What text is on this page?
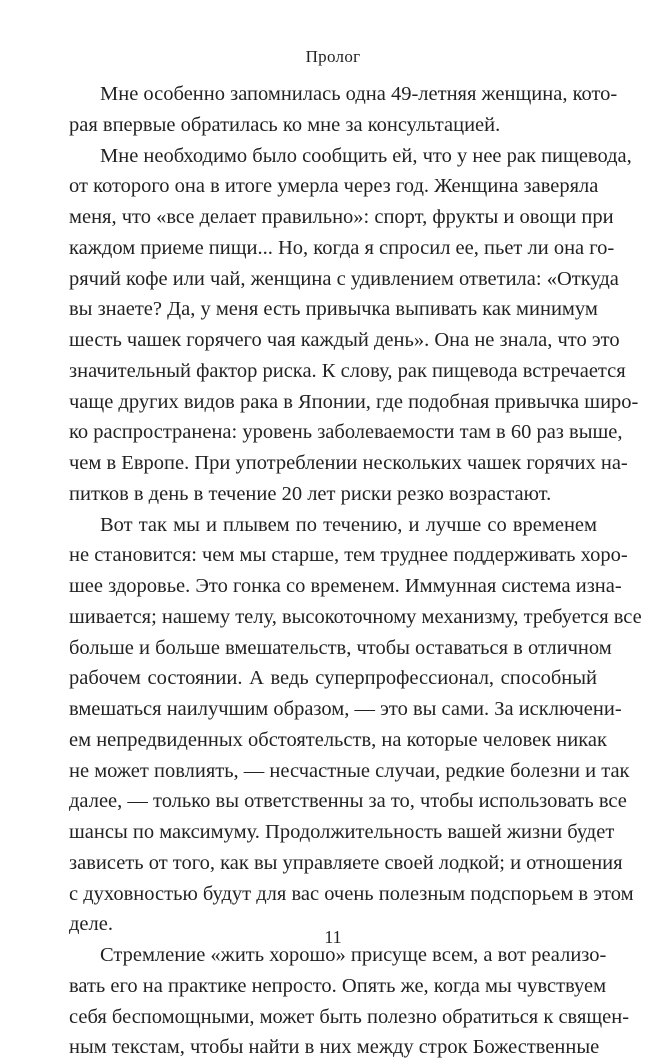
Пролог
Мне особенно запомнилась одна 49-летняя женщина, кото-
рая впервые обратилась ко мне за консультацией.
Мне необходимо было сообщить ей, что у нее рак пищевода,
от которого она в итоге умерла через год. Женщина заверяла
меня, что «все делает правильно»: спорт, фрукты и овощи при
каждом приеме пищи... Но, когда я спросил ее, пьет ли она го-
рячий кофе или чай, женщина с удивлением ответила: «Откуда
вы знаете? Да, у меня есть привычка выпивать как минимум
шесть чашек горячего чая каждый день». Она не знала, что это
значительный фактор риска. К слову, рак пищевода встречается
чаще других видов рака в Японии, где подобная привычка широ-
ко распространена: уровень заболеваемости там в 60 раз выше,
чем в Европе. При употреблении нескольких чашек горячих на-
питков в день в течение 20 лет риски резко возрастают.
Вот так мы и плывем по течению, и лучше со временем
не становится: чем мы старше, тем труднее поддерживать хоро-
шее здоровье. Это гонка со временем. Иммунная система изна-
шивается; нашему телу, высокоточному механизму, требуется все
больше и больше вмешательств, чтобы оставаться в отличном
рабочем состоянии. А ведь суперпрофессионал, способный
вмешаться наилучшим образом, — это вы сами. За исключени-
ем непредвиденных обстоятельств, на которые человек никак
не может повлиять, — несчастные случаи, редкие болезни и так
далее, — только вы ответственны за то, чтобы использовать все
шансы по максимуму. Продолжительность вашей жизни будет
зависеть от того, как вы управляете своей лодкой; и отношения
с духовностью будут для вас очень полезным подспорьем в этом
деле.
Стремление «жить хорошо» присуще всем, а вот реализо-
вать его на практике непросто. Опять же, когда мы чувствуем
себя беспомощными, может быть полезно обратиться к священ-
ным текстам, чтобы найти в них между строк Божественные
11
